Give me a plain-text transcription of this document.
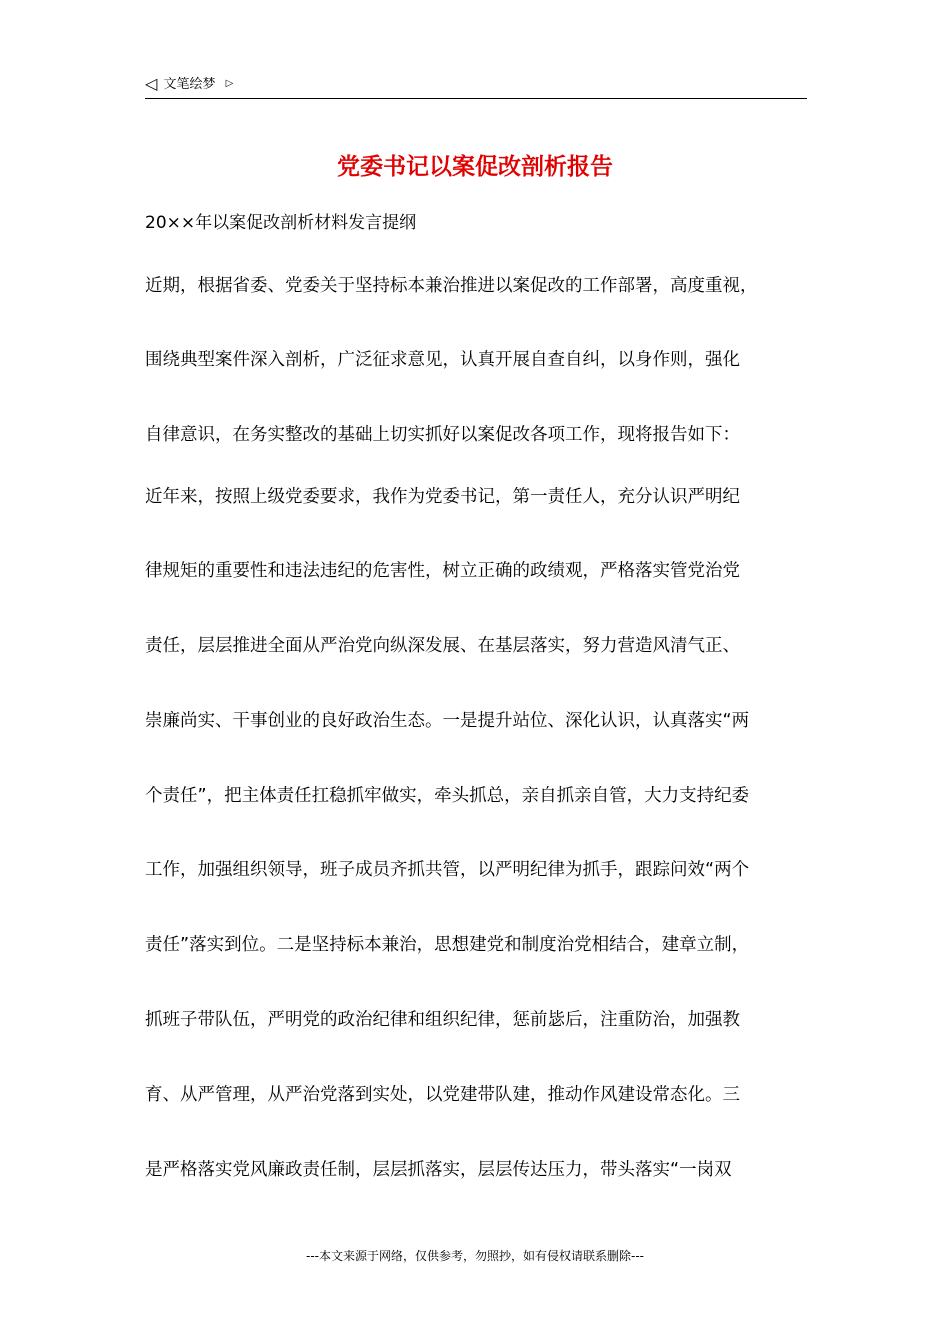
◁ 文笔绘梦 ▷
党委书记以案促改剖析报告
20××年以案促改剖析材料发言提纲
近期，根据省委、党委关于坚持标本兼治推进以案促改的工作部署，高度重视，
围绕典型案件深入剖析，广泛征求意见，认真开展自查自纠，以身作则，强化
自律意识，在务实整改的基础上切实抓好以案促改各项工作，现将报告如下：
近年来，按照上级党委要求，我作为党委书记，第一责任人，充分认识严明纪
律规矩的重要性和违法违纪的危害性，树立正确的政绩观，严格落实管党治党
责任，层层推进全面从严治党向纵深发展、在基层落实，努力营造风清气正、
崇廉尚实、干事创业的良好政治生态。一是提升站位、深化认识，认真落实“两
个责任”，把主体责任扛稳抓牢做实，牵头抓总，亲自抓亲自管，大力支持纪委
工作，加强组织领导，班子成员齐抓共管，以严明纪律为抓手，跟踪问效“两个
责任”落实到位。二是坚持标本兼治，思想建党和制度治党相结合，建章立制，
抓班子带队伍，严明党的政治纪律和组织纪律，惩前毖后，注重防治，加强教
育、从严管理，从严治党落到实处，以党建带队建，推动作风建设常态化。三
是严格落实党风廉政责任制，层层抓落实，层层传达压力，带头落实“一岗双
---本文来源于网络，仅供参考，勿照抄，如有侵权请联系删除---
